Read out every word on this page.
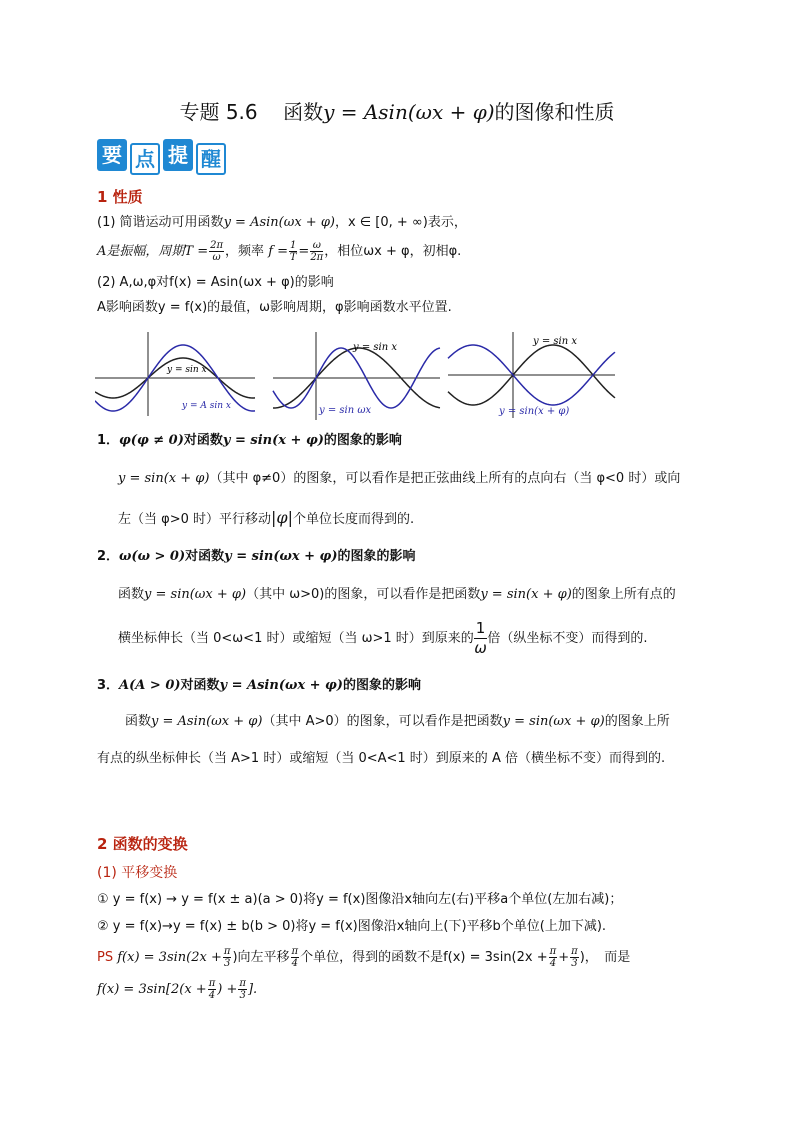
专题 5.6 函数y = Asin(ωx + φ)的图像和性质
要 点 提 醒
1 性质
(1) 简谐运动可用函数y = Asin(ωx + φ)，x ∈ [0, + ∞)表示，
A是振幅，周期$T = \frac{2\pi}{\omega}$ ，频率 $f = \frac{1}{T} = \frac{\omega}{2\pi}$ ，相位ωx + φ，初相φ.
(2) A,ω,φ对f(x) = Asin(ωx + φ)的影响
A影响函数y = f(x)的最值，ω影响周期，φ影响函数水平位置.
y = sin x
y = A sin x
y = sin x
y = sin ωx
y = sin x
y = sin(x + φ)
1．φ(φ ≠ 0)对函数y = sin(x + φ)的图象的影响
y = sin(x + φ)（其中 φ≠0）的图象，可以看作是把正弦曲线上所有的点向右（当 φ<0 时）或向
左（当 φ>0 时）平行移动|φ|个单位长度而得到的.
2．ω(ω > 0)对函数y = sin(ωx + φ)的图象的影响
函数y = sin(ωx + φ)（其中 ω>0)的图象，可以看作是把函数y = sin(x + φ)的图象上所有点的
横坐标伸长（当 0<ω<1 时）或缩短（当 ω>1 时）到原来的 $\frac{1}{\omega}$ 倍（纵坐标不变）而得到的.
3．A(A > 0)对函数y = Asin(ωx + φ)的图象的影响
函数y = Asin(ωx + φ)（其中 A>0）的图象，可以看作是把函数y = sin(ωx + φ)的图象上所
有点的纵坐标伸长（当 A>1 时）或缩短（当 0<A<1 时）到原来的 A 倍（横坐标不变）而得到的.
2 函数的变换
(1) 平移变换
① y = f(x) → y = f(x ± a)(a > 0)将y = f(x)图像沿x轴向左(右)平移a个单位(左加右减)；
② y = f(x)→y = f(x) ± b(b > 0)将y = f(x)图像沿x轴向上(下)平移b个单位(上加下减).
PS $f(x) = 3\sin(2x + \frac{\pi}{3}$ )向左平移 $\frac{\pi}{4}$ 个单位，得到的函数不是$f(x) = 3\sin(2x + \frac{\pi}{4} + \frac{\pi}{3}$ )，　而是
$f(x) = 3\sin[2(x + \frac{\pi}{4}$ ) + $\frac{\pi}{3}$ ].
